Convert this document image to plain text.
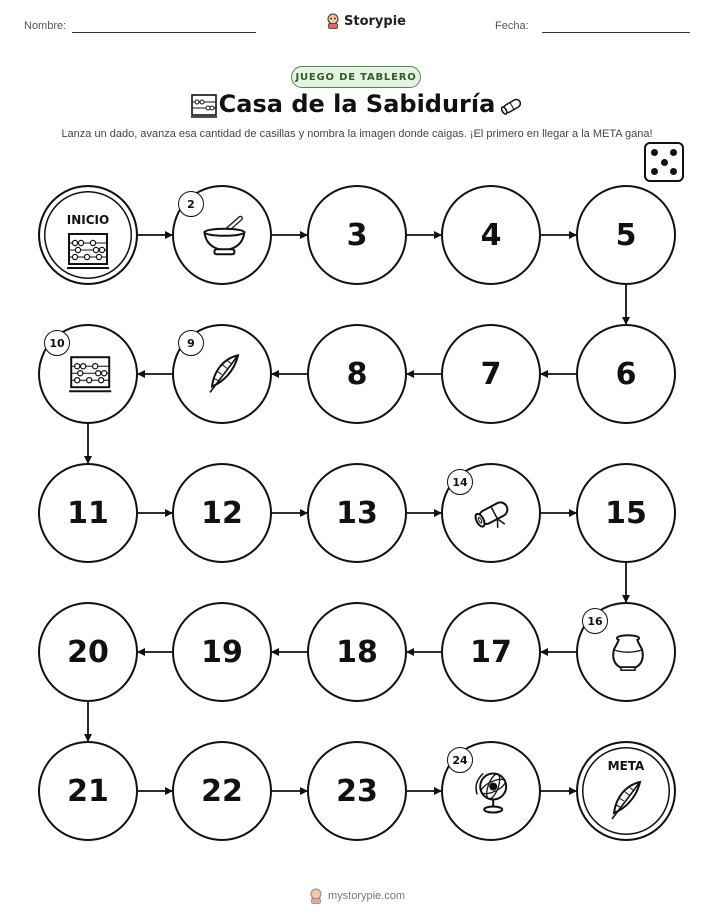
Nombre:	Storypie	Fecha:
JUEGO DE TABLERO
Casa de la Sabiduría
Lanza un dado, avanza esa cantidad de casillas y nombra la imagen donde caigas. ¡El primero en llegar a la META gana!
INICIO
2
3	4	5
6
7
8
9
10
11	12	13
14
15
16
17
18
19
20
21	22	23
24	META
mystorypie.com
